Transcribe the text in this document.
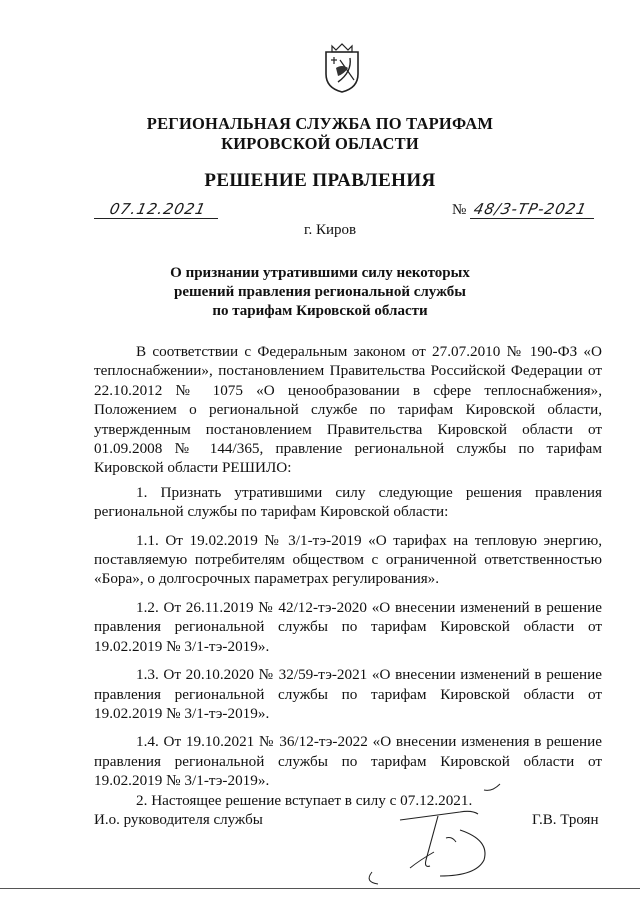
РЕГИОНАЛЬНАЯ СЛУЖБА ПО ТАРИФАМ
КИРОВСКОЙ ОБЛАСТИ
РЕШЕНИЕ ПРАВЛЕНИЯ
07.12.2021	№ 48/3-ТР-2021
г. Киров
О признании утратившими силу некоторых
решений правления региональной службы
по тарифам Кировской области

В соответствии с Федеральным законом от 27.07.2010 № 190-ФЗ «О теплоснабжении», постановлением Правительства Российской Федерации от 22.10.2012 № 1075 «О ценообразовании в сфере теплоснабжения», Положением о региональной службе по тарифам Кировской области, утвержденным постановлением Правительства Кировской области от 01.09.2008 № 144/365, правление региональной службы по тарифам Кировской области РЕШИЛО:

1. Признать утратившими силу следующие решения правления региональной службы по тарифам Кировской области:

1.1. От 19.02.2019 № 3/1-тэ-2019 «О тарифах на тепловую энергию, поставляемую потребителям обществом с ограниченной ответственностью «Бора», о долгосрочных параметрах регулирования».

1.2. От 26.11.2019 № 42/12-тэ-2020 «О внесении изменений в решение правления региональной службы по тарифам Кировской области от 19.02.2019 № 3/1-тэ-2019».

1.3. От 20.10.2020 № 32/59-тэ-2021 «О внесении изменений в решение правления региональной службы по тарифам Кировской области от 19.02.2019 № 3/1-тэ-2019».

1.4. От 19.10.2021 № 36/12-тэ-2022 «О внесении изменения в решение правления региональной службы по тарифам Кировской области от 19.02.2019 № 3/1-тэ-2019».

2. Настоящее решение вступает в силу с 07.12.2021.

И.о. руководителя службы	Г.В. Троян
